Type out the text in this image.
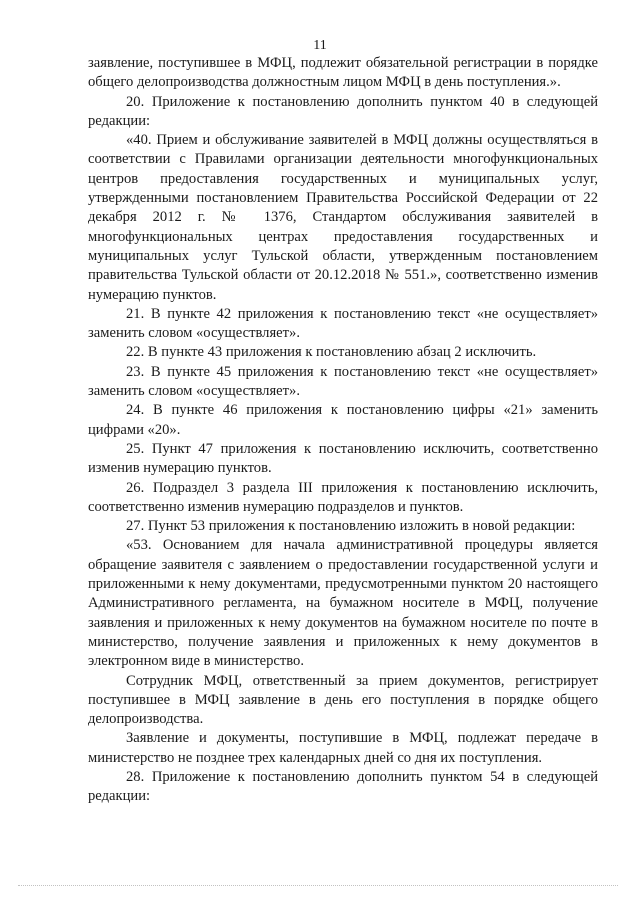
11

заявление, поступившее в МФЦ, подлежит обязательной регистрации в порядке общего делопроизводства должностным лицом МФЦ в день поступления.».

20. Приложение к постановлению дополнить пунктом 40 в следующей редакции:

«40. Прием и обслуживание заявителей в МФЦ должны осуществляться в соответствии с Правилами организации деятельности многофункциональных центров предоставления государственных и муниципальных услуг, утвержденными постановлением Правительства Российской Федерации от 22 декабря 2012 г. № 1376, Стандартом обслуживания заявителей в многофункциональных центрах предоставления государственных и муниципальных услуг Тульской области, утвержденным постановлением правительства Тульской области от 20.12.2018 № 551.», соответственно изменив нумерацию пунктов.

21. В пункте 42 приложения к постановлению текст «не осуществляет» заменить словом «осуществляет».

22. В пункте 43 приложения к постановлению абзац 2 исключить.

23. В пункте 45 приложения к постановлению текст «не осуществляет» заменить словом «осуществляет».

24. В пункте 46 приложения к постановлению цифры «21» заменить цифрами «20».

25. Пункт 47 приложения к постановлению исключить, соответственно изменив нумерацию пунктов.

26. Подраздел 3 раздела III приложения к постановлению исключить, соответственно изменив нумерацию подразделов и пунктов.

27. Пункт 53 приложения к постановлению изложить в новой редакции:

«53. Основанием для начала административной процедуры является обращение заявителя с заявлением о предоставлении государственной услуги и приложенными к нему документами, предусмотренными пунктом 20 настоящего Административного регламента, на бумажном носителе в МФЦ, получение заявления и приложенных к нему документов на бумажном носителе по почте в министерство, получение заявления и приложенных к нему документов в электронном виде в министерство.

Сотрудник МФЦ, ответственный за прием документов, регистрирует поступившее в МФЦ заявление в день его поступления в порядке общего делопроизводства.

Заявление и документы, поступившие в МФЦ, подлежат передаче в министерство не позднее трех календарных дней со дня их поступления.

28. Приложение к постановлению дополнить пунктом 54 в следующей редакции:
